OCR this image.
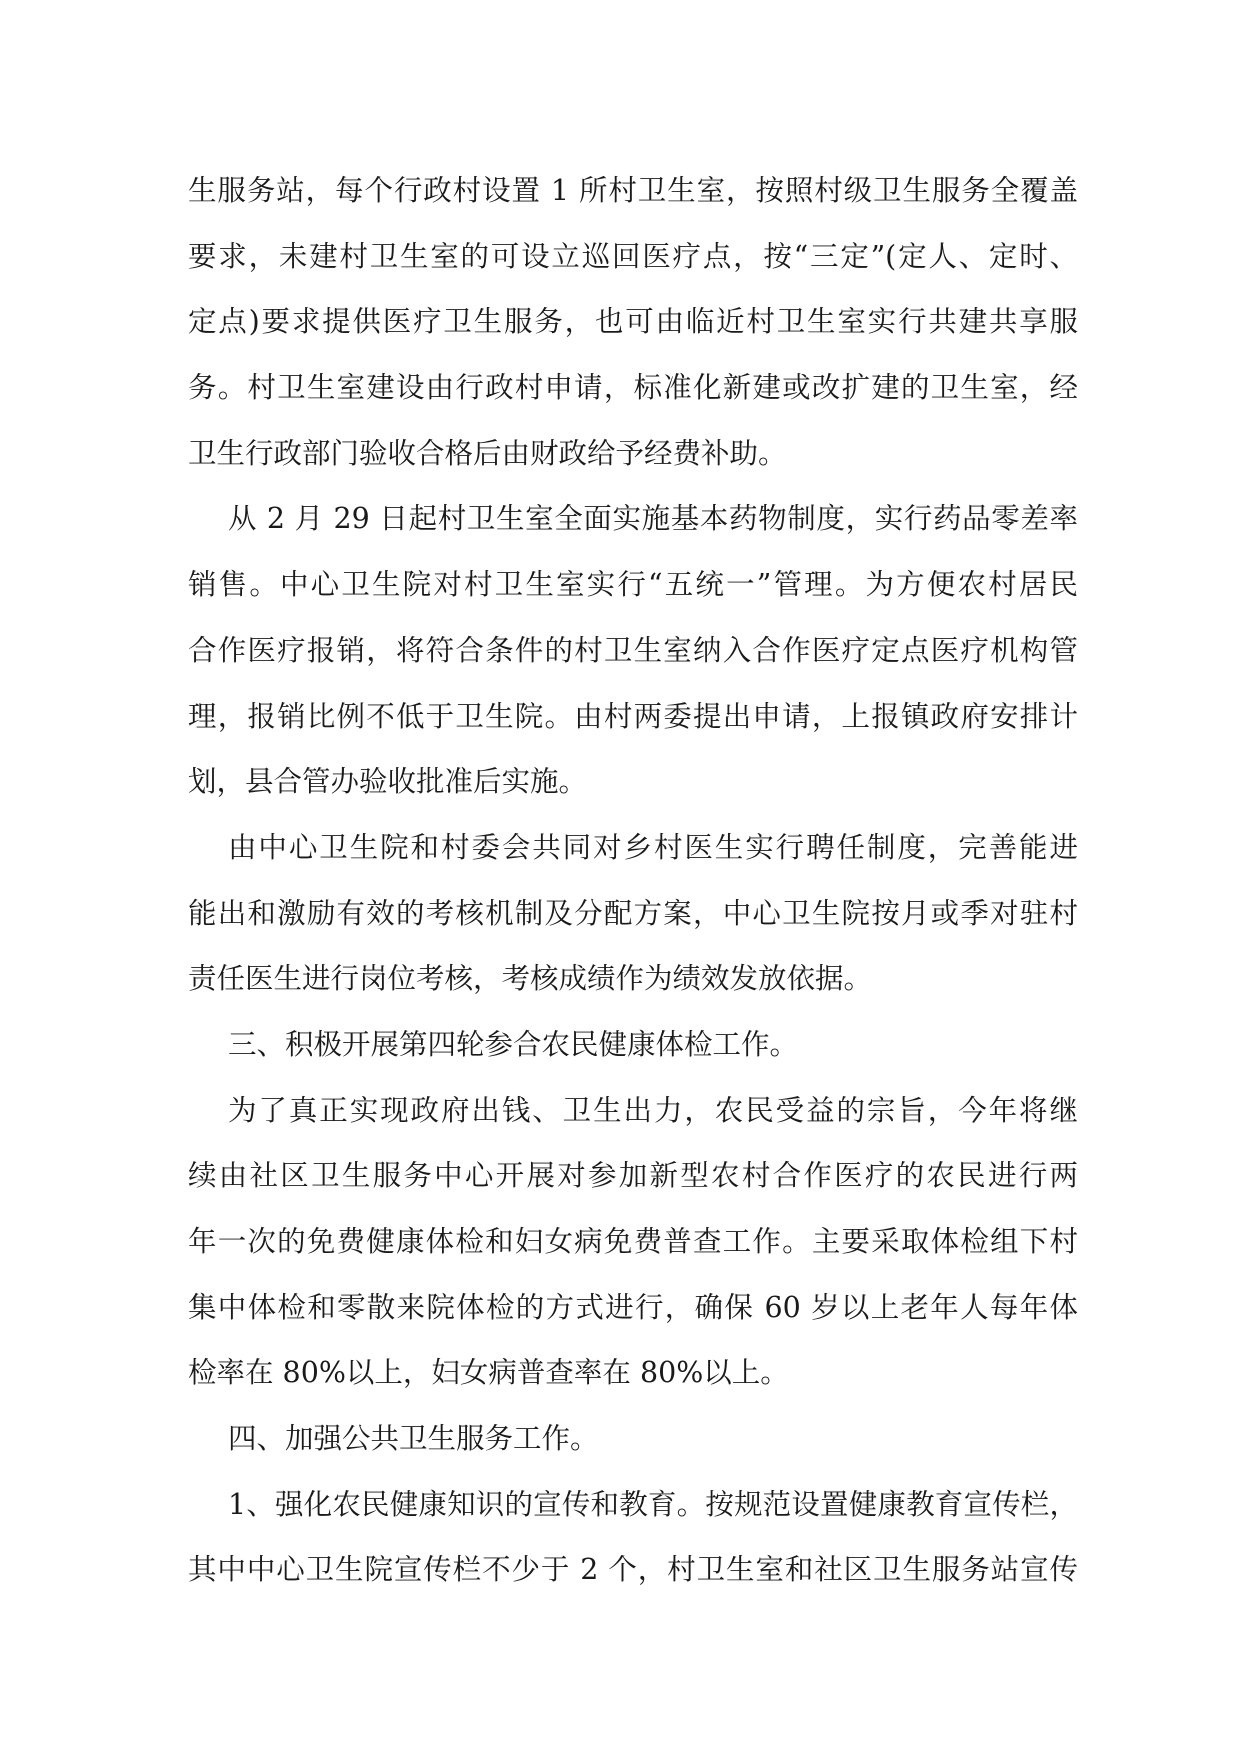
生服务站，每个行政村设置 1 所村卫生室，按照村级卫生服务全覆盖
要求，未建村卫生室的可设立巡回医疗点，按“三定”(定人、定时、
定点)要求提供医疗卫生服务，也可由临近村卫生室实行共建共享服
务。村卫生室建设由行政村申请，标准化新建或改扩建的卫生室，经
卫生行政部门验收合格后由财政给予经费补助。
从 2 月 29 日起村卫生室全面实施基本药物制度，实行药品零差率
销售。中心卫生院对村卫生室实行“五统一”管理。为方便农村居民
合作医疗报销，将符合条件的村卫生室纳入合作医疗定点医疗机构管
理，报销比例不低于卫生院。由村两委提出申请，上报镇政府安排计
划，县合管办验收批准后实施。
由中心卫生院和村委会共同对乡村医生实行聘任制度，完善能进
能出和激励有效的考核机制及分配方案，中心卫生院按月或季对驻村
责任医生进行岗位考核，考核成绩作为绩效发放依据。
三、积极开展第四轮参合农民健康体检工作。
为了真正实现政府出钱、卫生出力，农民受益的宗旨，今年将继
续由社区卫生服务中心开展对参加新型农村合作医疗的农民进行两
年一次的免费健康体检和妇女病免费普查工作。主要采取体检组下村
集中体检和零散来院体检的方式进行，确保 60 岁以上老年人每年体
检率在 80%以上，妇女病普查率在 80%以上。
四、加强公共卫生服务工作。
1、强化农民健康知识的宣传和教育。按规范设置健康教育宣传栏，
其中中心卫生院宣传栏不少于 2 个，村卫生室和社区卫生服务站宣传
